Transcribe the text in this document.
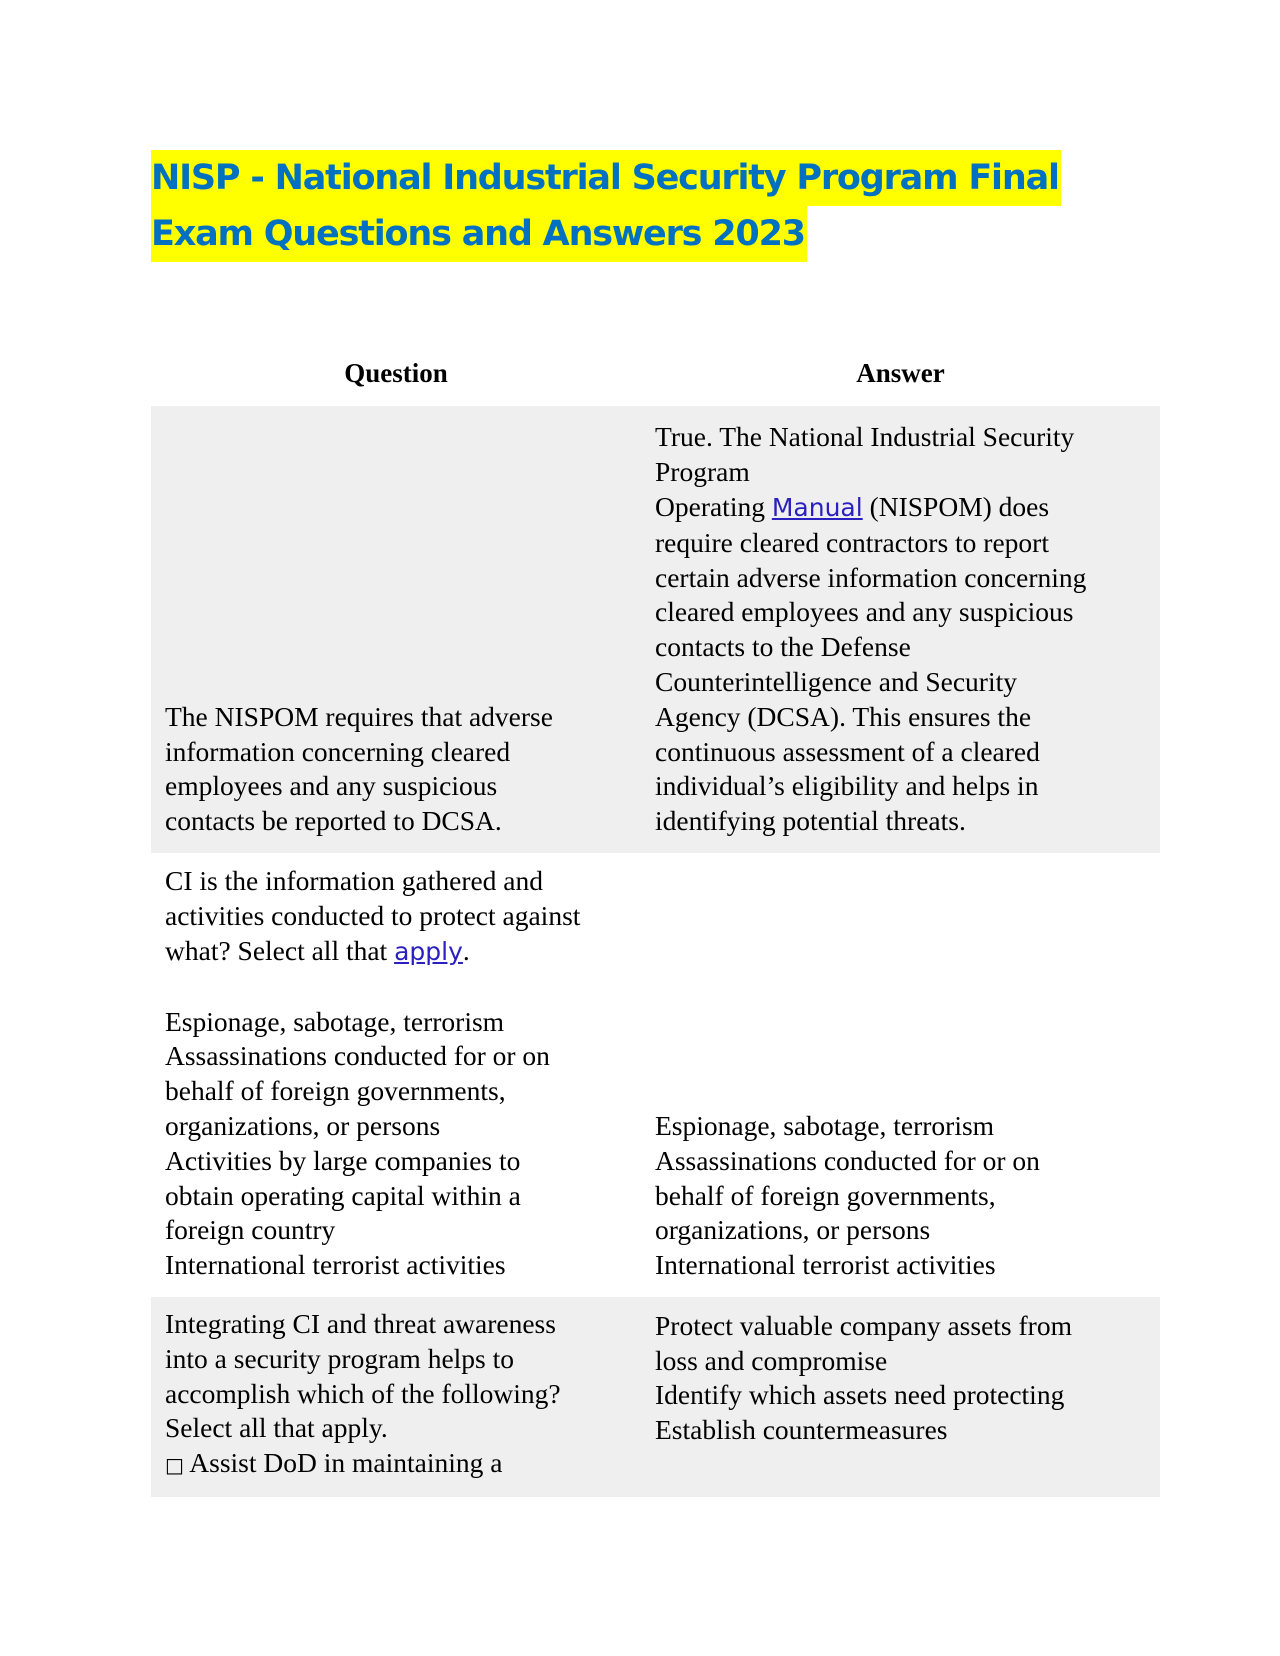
NISP - National Industrial Security Program Final
Exam Questions and Answers 2023
Question	Answer
The NISPOM requires that adverse
information concerning cleared
employees and any suspicious
contacts be reported to DCSA.
True. The National Industrial Security
Program
Operating Manual (NISPOM) does
require cleared contractors to report
certain adverse information concerning
cleared employees and any suspicious
contacts to the Defense
Counterintelligence and Security
Agency (DCSA). This ensures the
continuous assessment of a cleared
individual’s eligibility and helps in
identifying potential threats.
CI is the information gathered and
activities conducted to protect against
what? Select all that apply.
Espionage, sabotage, terrorism
Assassinations conducted for or on
behalf of foreign governments,
organizations, or persons
Activities by large companies to
obtain operating capital within a
foreign country
International terrorist activities
Espionage, sabotage, terrorism
Assassinations conducted for or on
behalf of foreign governments,
organizations, or persons
International terrorist activities
Integrating CI and threat awareness
into a security program helps to
accomplish which of the following?
Select all that apply.
□ Assist DoD in maintaining a
Protect valuable company assets from
loss and compromise
Identify which assets need protecting
Establish countermeasures
